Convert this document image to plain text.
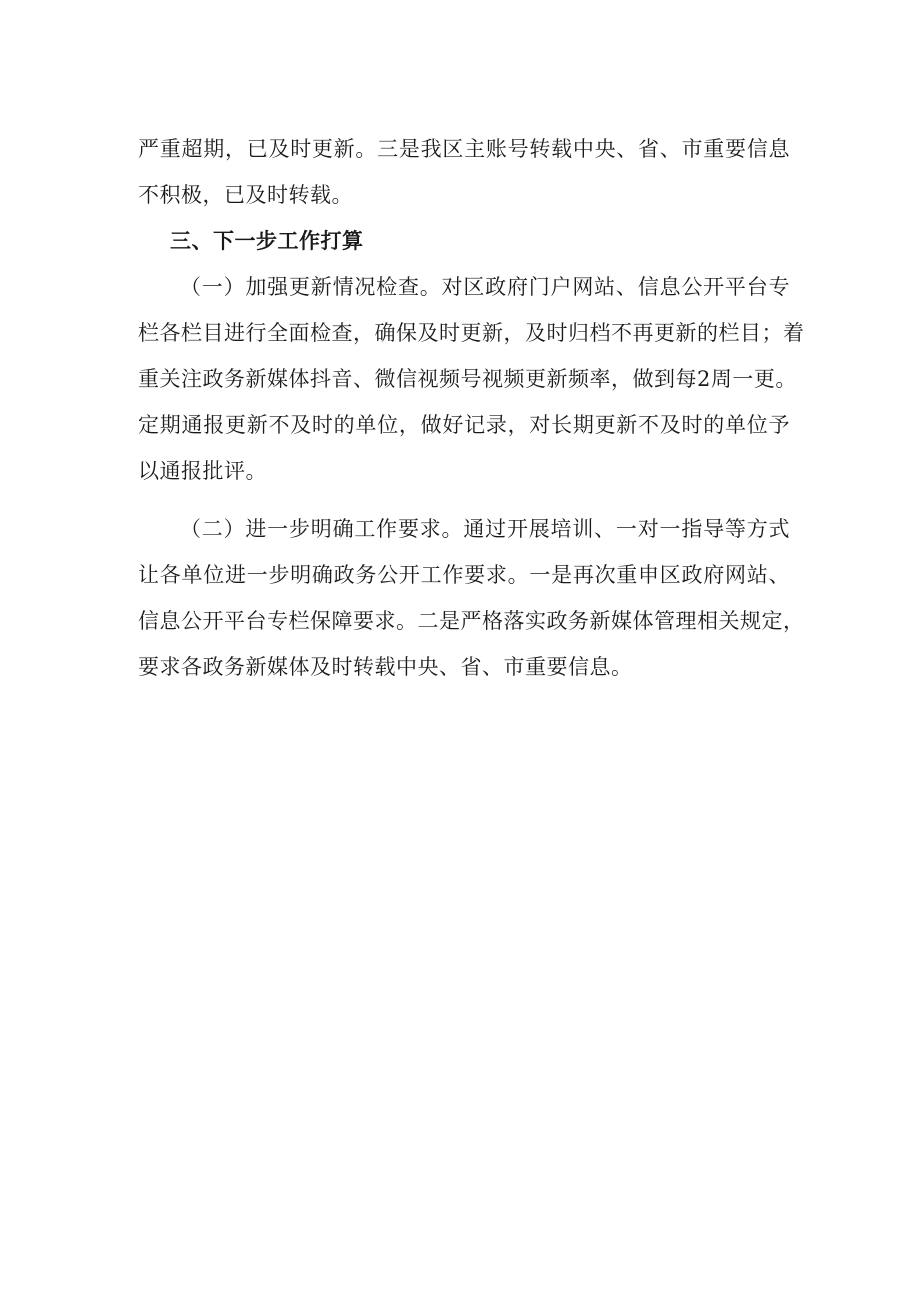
严重超期，已及时更新。三是我区主账号转载中央、省、市重要信息
不积极，已及时转载。
三、下一步工作打算
（一）加强更新情况检查。对区政府门户网站、信息公开平台专
栏各栏目进行全面检查，确保及时更新，及时归档不再更新的栏目；着
重关注政务新媒体抖音、微信视频号视频更新频率，做到每2周一更。
定期通报更新不及时的单位，做好记录，对长期更新不及时的单位予
以通报批评。
（二）进一步明确工作要求。通过开展培训、一对一指导等方式
让各单位进一步明确政务公开工作要求。一是再次重申区政府网站、
信息公开平台专栏保障要求。二是严格落实政务新媒体管理相关规定，
要求各政务新媒体及时转载中央、省、市重要信息。
